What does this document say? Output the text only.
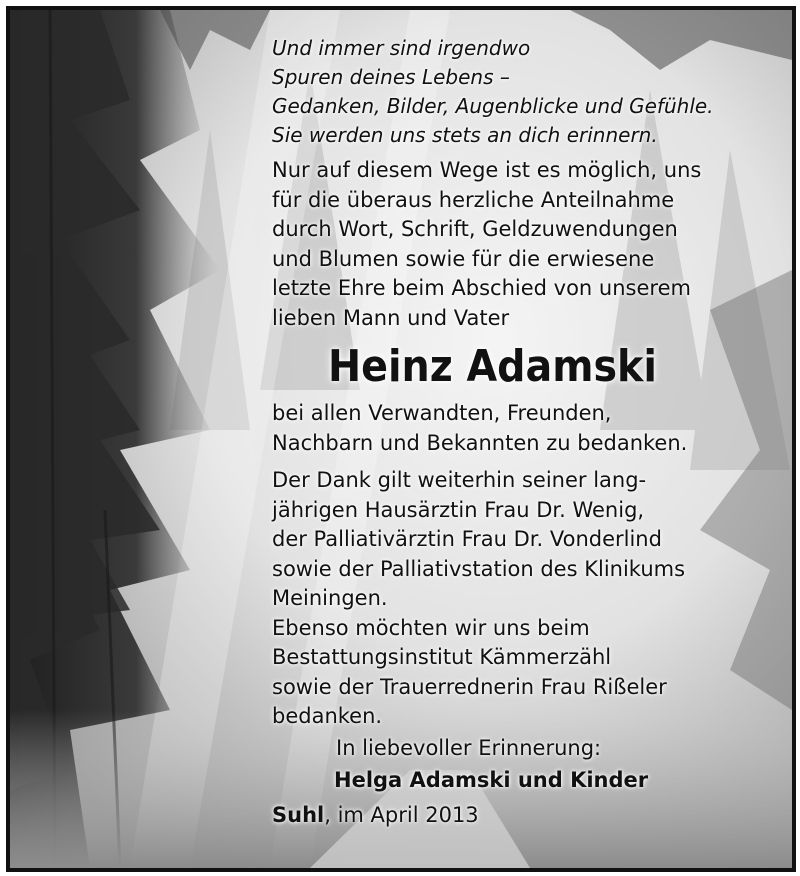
Und immer sind irgendwo
Spuren deines Lebens –
Gedanken, Bilder, Augenblicke und Gefühle.
Sie werden uns stets an dich erinnern.
Nur auf diesem Wege ist es möglich, uns
für die überaus herzliche Anteilnahme
durch Wort, Schrift, Geldzuwendungen
und Blumen sowie für die erwiesene
letzte Ehre beim Abschied von unserem
lieben Mann und Vater
Heinz Adamski
bei allen Verwandten, Freunden,
Nachbarn und Bekannten zu bedanken.
Der Dank gilt weiterhin seiner lang-
jährigen Hausärztin Frau Dr. Wenig,
der Palliativärztin Frau Dr. Vonderlind
sowie der Palliativstation des Klinikums
Meiningen.
Ebenso möchten wir uns beim
Bestattungsinstitut Kämmerzähl
sowie der Trauerrednerin Frau Rißeler
bedanken.
In liebevoller Erinnerung:
Helga Adamski und Kinder
Suhl, im April 2013
